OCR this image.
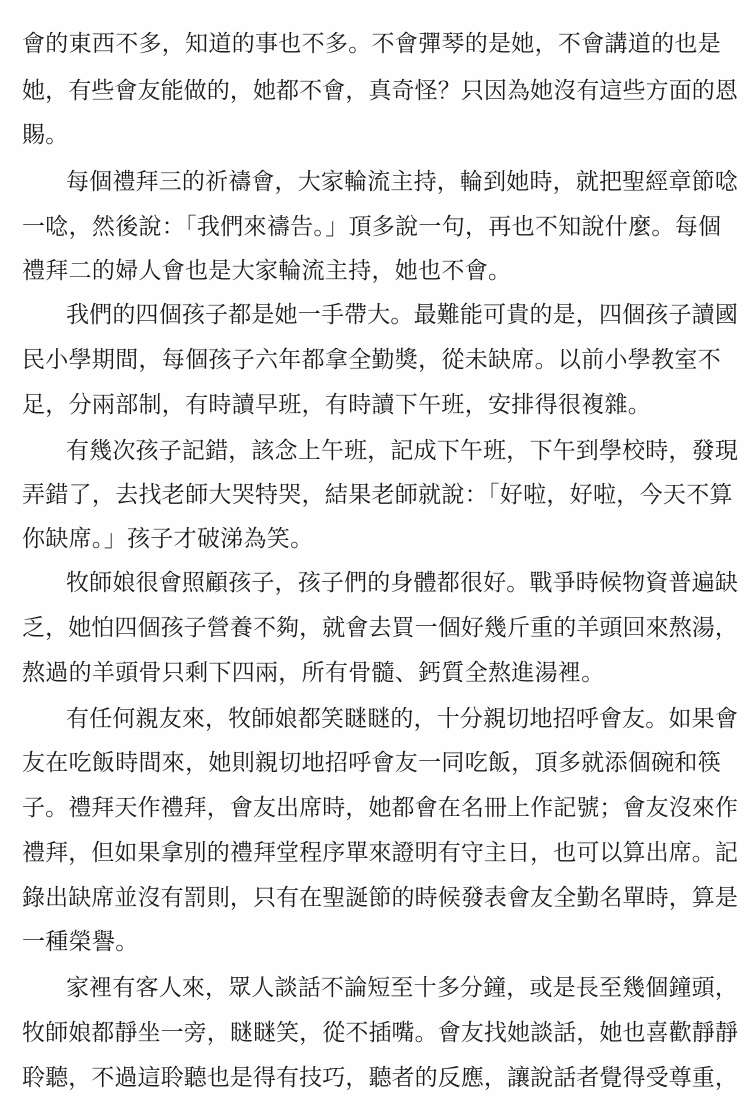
會的東西不多，知道的事也不多。不會彈琴的是她，不會講道的也是
她，有些會友能做的，她都不會，真奇怪？只因為她沒有這些方面的恩
賜。
每個禮拜三的祈禱會，大家輪流主持，輪到她時，就把聖經章節唸
一唸，然後說：「我們來禱告。」頂多說一句，再也不知說什麼。每個
禮拜二的婦人會也是大家輪流主持，她也不會。
我們的四個孩子都是她一手帶大。最難能可貴的是，四個孩子讀國
民小學期間，每個孩子六年都拿全勤獎，從未缺席。以前小學教室不
足，分兩部制，有時讀早班，有時讀下午班，安排得很複雜。
有幾次孩子記錯，該念上午班，記成下午班，下午到學校時，發現
弄錯了，去找老師大哭特哭，結果老師就說：「好啦，好啦，今天不算
你缺席。」孩子才破涕為笑。
牧師娘很會照顧孩子，孩子們的身體都很好。戰爭時候物資普遍缺
乏，她怕四個孩子營養不夠，就會去買一個好幾斤重的羊頭回來熬湯，
熬過的羊頭骨只剩下四兩，所有骨髓、鈣質全熬進湯裡。
有任何親友來，牧師娘都笑瞇瞇的，十分親切地招呼會友。如果會
友在吃飯時間來，她則親切地招呼會友一同吃飯，頂多就添個碗和筷
子。禮拜天作禮拜，會友出席時，她都會在名冊上作記號；會友沒來作
禮拜，但如果拿別的禮拜堂程序單來證明有守主日，也可以算出席。記
錄出缺席並沒有罰則，只有在聖誕節的時候發表會友全勤名單時，算是
一種榮譽。
家裡有客人來，眾人談話不論短至十多分鐘，或是長至幾個鐘頭，
牧師娘都靜坐一旁，瞇瞇笑，從不插嘴。會友找她談話，她也喜歡靜靜
聆聽，不過這聆聽也是得有技巧，聽者的反應，讓說話者覺得受尊重，
